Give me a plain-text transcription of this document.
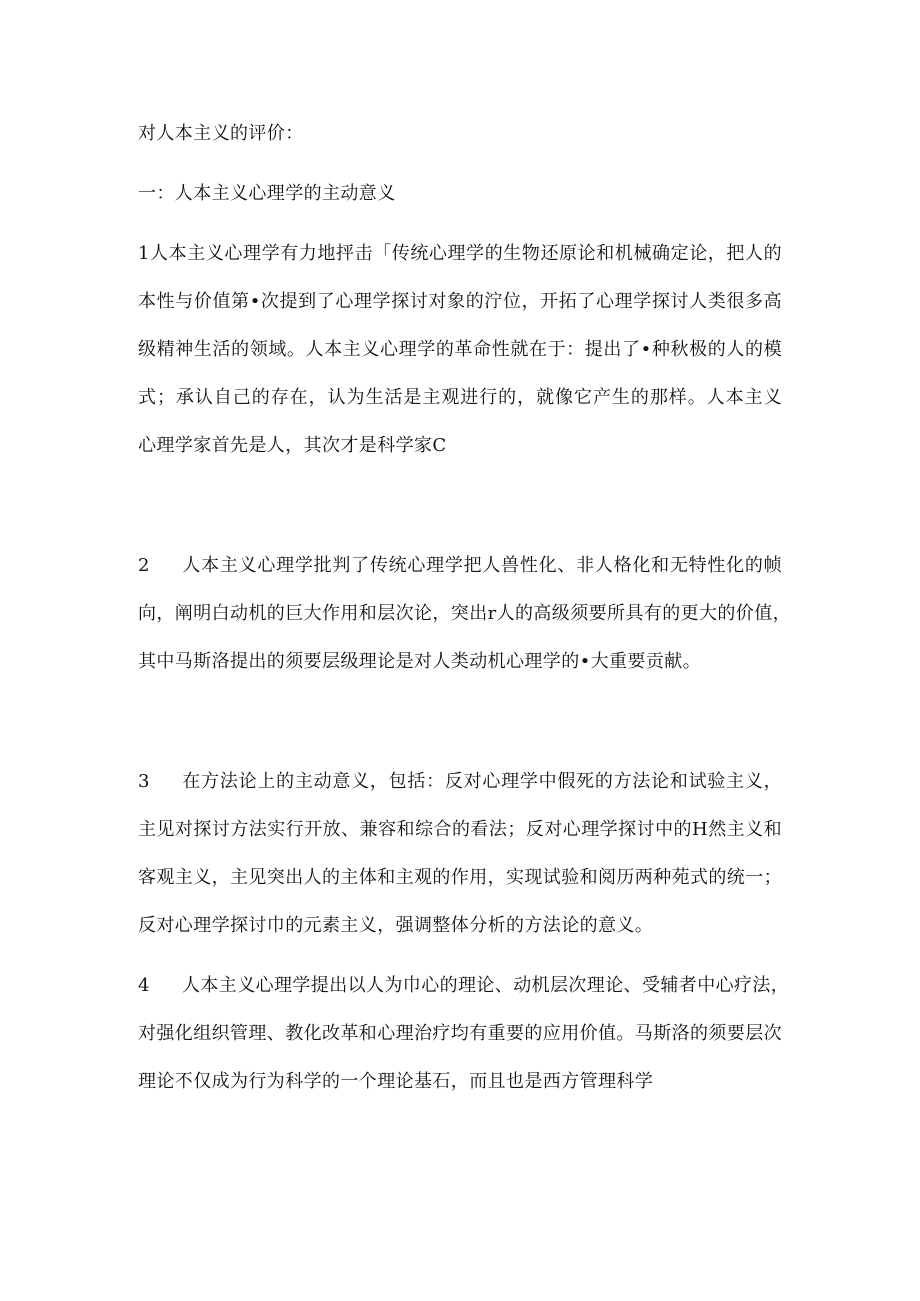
对人本主义的评价：
一：人本主义心理学的主动意义
1人本主义心理学有力地抨击「传统心理学的生物还原论和机械确定论，把人的
本性与价值第•次提到了心理学探讨对象的泞位，开拓了心理学探讨人类很多高
级精神生活的领域。人本主义心理学的革命性就在于：提出了•种秋极的人的模
式；承认自己的存在，认为生活是主观进行的，就像它产生的那样。人本主义
心理学家首先是人，其次才是科学家C
2 人本主义心理学批判了传统心理学把人兽性化、非人格化和无特性化的帧
向，阐明白动机的巨大作用和层次论，突出r人的高级须要所具有的更大的价值，
其中马斯洛提出的须要层级理论是对人类动机心理学的•大重要贡献。
3 在方法论上的主动意义，包括：反对心理学中假死的方法论和试验主义，
主见对探讨方法实行开放、兼容和综合的看法；反对心理学探讨中的H然主义和
客观主义，主见突出人的主体和主观的作用，实现试验和阅历两种苑式的统一；
反对心理学探讨巾的元素主义，强调整体分析的方法论的意义。
4 人本主义心理学提出以人为巾心的理论、动机层次理论、受辅者中心疗法，
对强化组织管理、教化改革和心理治疗均有重要的应用价值。马斯洛的须要层次
理论不仅成为行为科学的一个理论基石，而且也是西方管理科学
